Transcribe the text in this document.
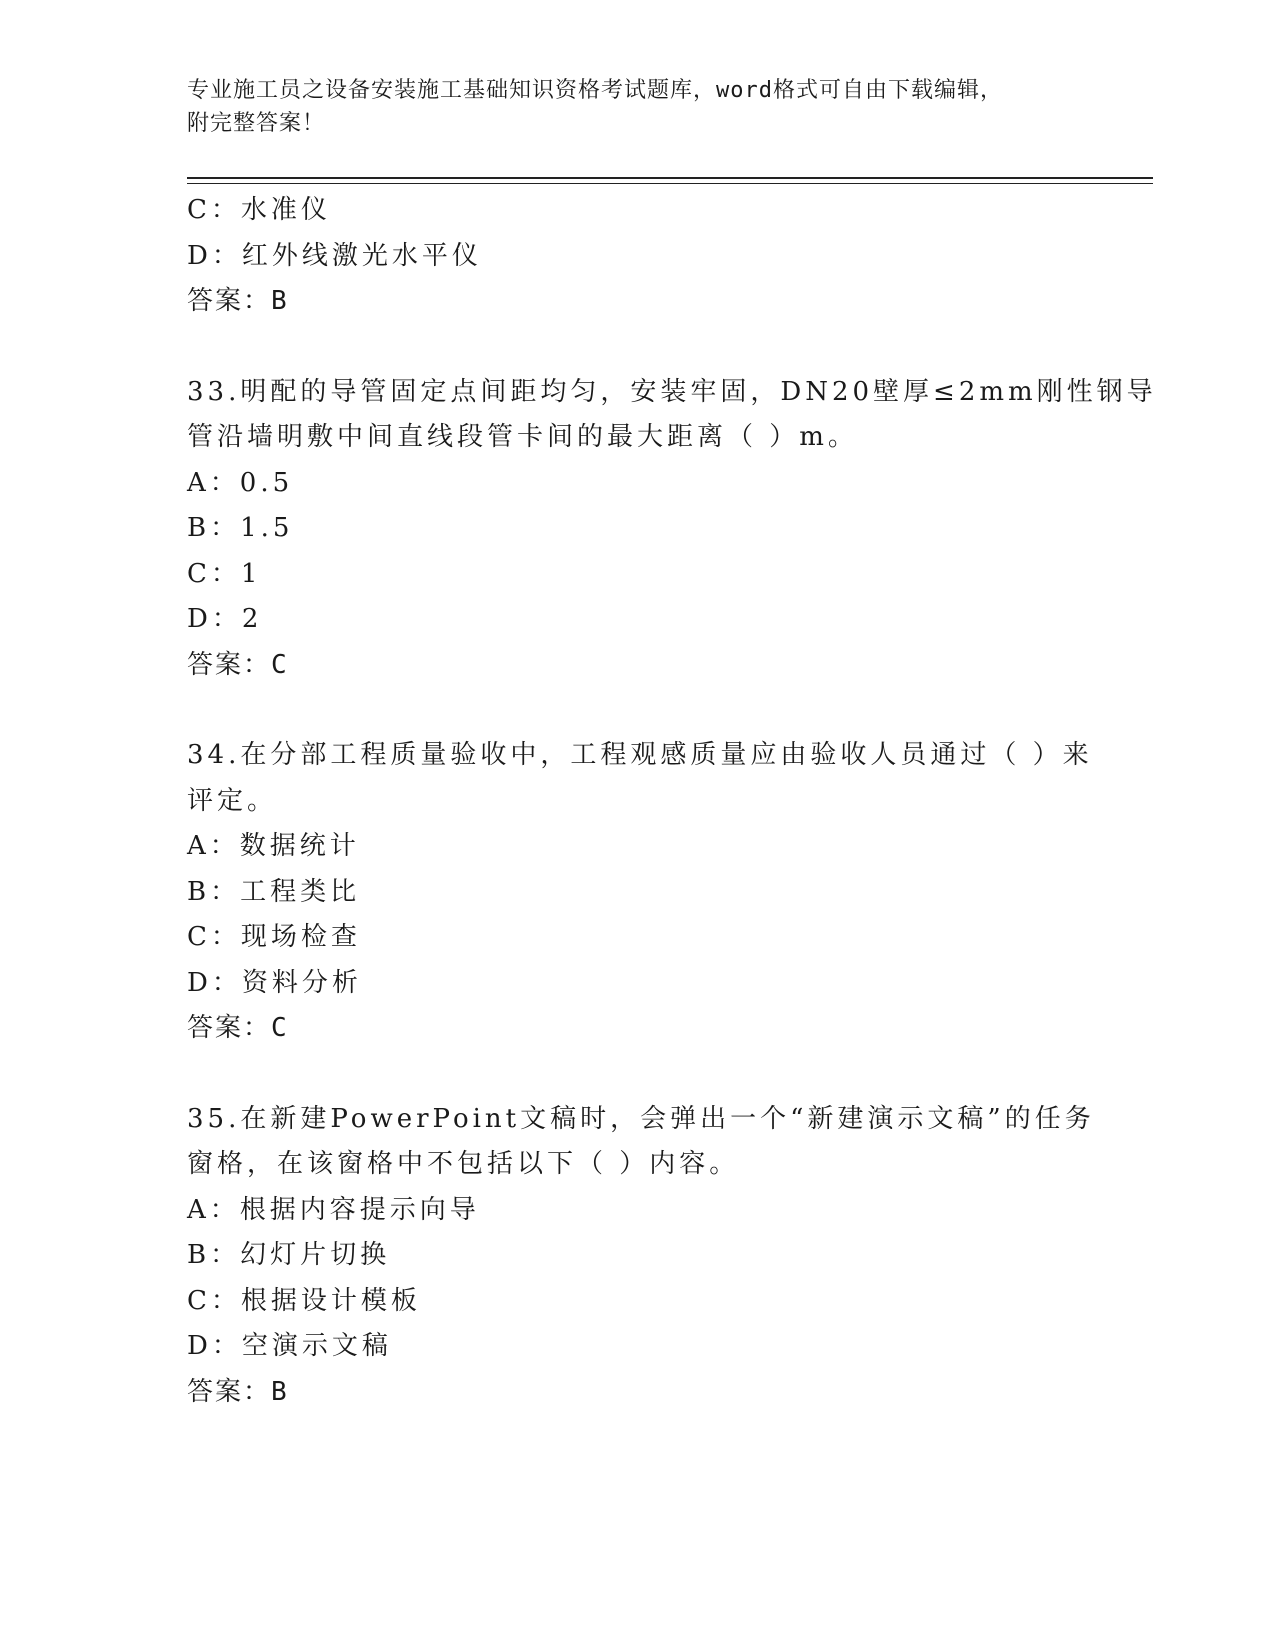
专业施工员之设备安装施工基础知识资格考试题库，word格式可自由下载编辑，
附完整答案！
C：水准仪
D：红外线激光水平仪
答案：B
33.明配的导管固定点间距均匀，安装牢固，DN20壁厚≤2mm刚性钢导
管沿墙明敷中间直线段管卡间的最大距离（ ）m。
A：0.5
B：1.5
C：1
D：2
答案：C
34.在分部工程质量验收中，工程观感质量应由验收人员通过（ ）来
评定。
A：数据统计
B：工程类比
C：现场检查
D：资料分析
答案：C
35.在新建PowerPoint文稿时，会弹出一个“新建演示文稿”的任务
窗格，在该窗格中不包括以下（ ）内容。
A：根据内容提示向导
B：幻灯片切换
C：根据设计模板
D：空演示文稿
答案：B
